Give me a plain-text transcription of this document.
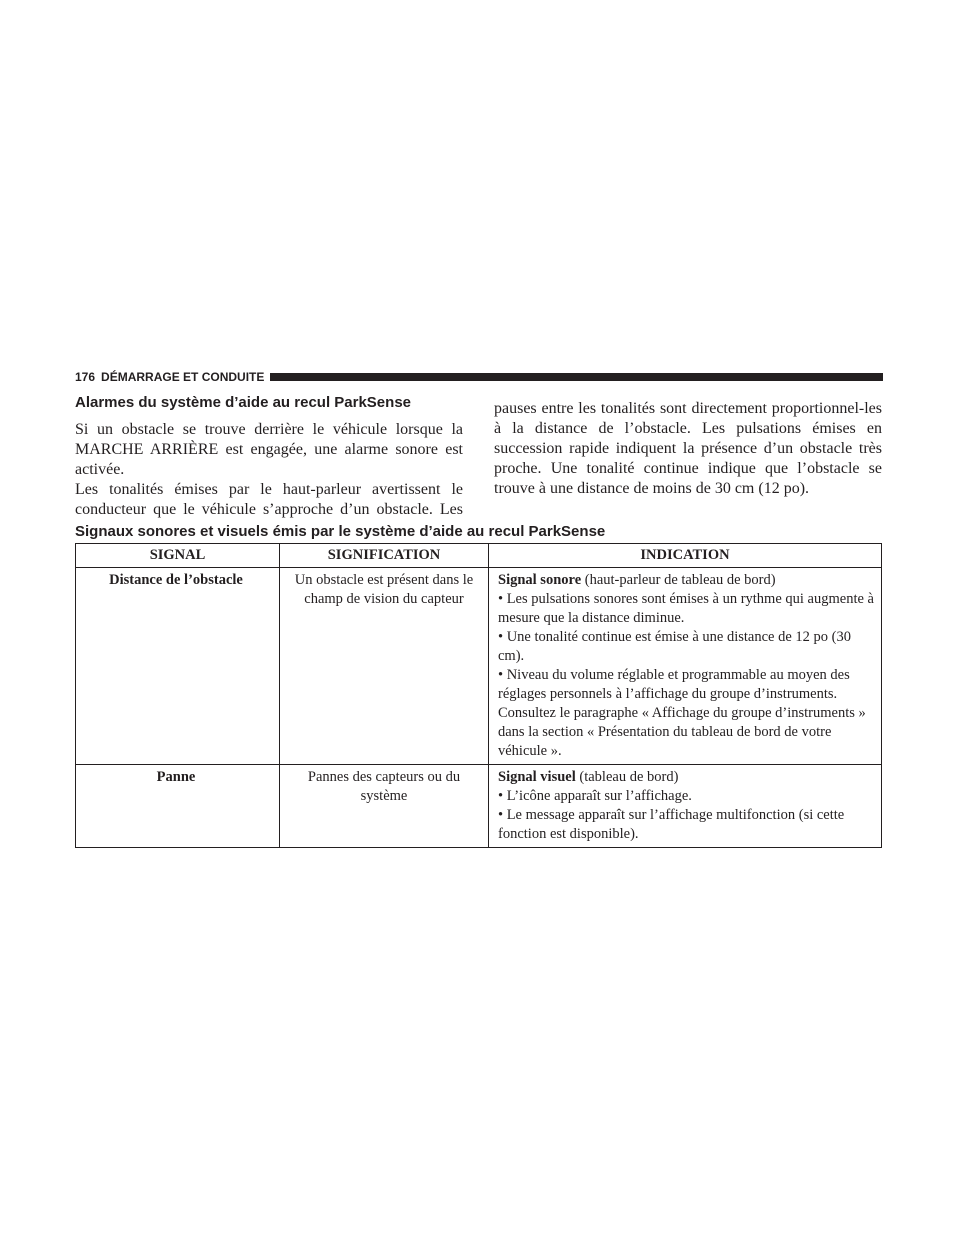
176 DÉMARRAGE ET CONDUITE
Alarmes du système d’aide au recul ParkSense

Si un obstacle se trouve derrière le véhicule lorsque la MARCHE ARRIÈRE est engagée, une alarme sonore est activée.

Les tonalités émises par le haut-parleur avertissent le conducteur que le véhicule s’approche d’un obstacle. Les

pauses entre les tonalités sont directement proportionnel-les à la distance de l’obstacle. Les pulsations émises en succession rapide indiquent la présence d’un obstacle très proche. Une tonalité continue indique que l’obstacle se trouve à une distance de moins de 30 cm (12 po).

Signaux sonores et visuels émis par le système d’aide au recul ParkSense
SIGNAL	SIGNIFICATION	INDICATION
Distance de l’obstacle	Un obstacle est présent dans le champ de vision du capteur	Signal sonore (haut-parleur de tableau de bord)
• Les pulsations sonores sont émises à un rythme qui augmente à mesure que la distance diminue.
• Une tonalité continue est émise à une distance de 12 po (30 cm).
• Niveau du volume réglable et programmable au moyen des réglages personnels à l’affichage du groupe d’instruments. Consultez le paragraphe « Affichage du groupe d’instruments » dans la section « Présentation du tableau de bord de votre véhicule ».

Panne	Pannes des capteurs ou du système	Signal visuel (tableau de bord)
• L’icône apparaît sur l’affichage.
• Le message apparaît sur l’affichage multifonction (si cette fonction est disponible).
